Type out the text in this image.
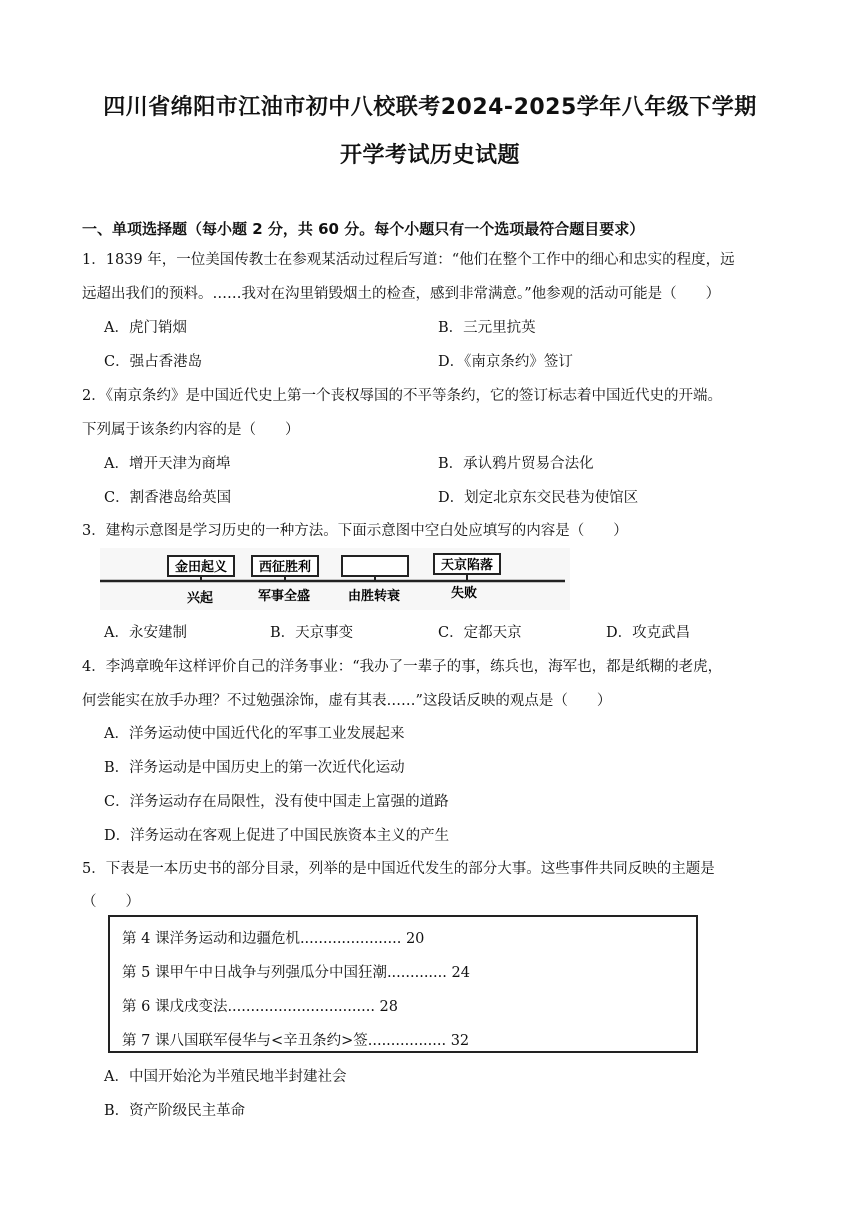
四川省绵阳市江油市初中八校联考2024-2025学年八年级下学期
开学考试历史试题
一、单项选择题（每小题 2 分，共 60 分。每个小题只有一个选项最符合题目要求）
1．1839 年，一位美国传教士在参观某活动过程后写道：“他们在整个工作中的细心和忠实的程度，远
远超出我们的预料。……我对在沟里销毁烟土的检查，感到非常满意。”他参观的活动可能是（　　）
A．虎门销烟	B．三元里抗英
C．强占香港岛	D．《南京条约》签订
2．《南京条约》是中国近代史上第一个丧权辱国的不平等条约，它的签订标志着中国近代史的开端。
下列属于该条约内容的是（　　）
A．增开天津为商埠	B．承认鸦片贸易合法化
C．割香港岛给英国	D．划定北京东交民巷为使馆区
3．建构示意图是学习历史的一种方法。下面示意图中空白处应填写的内容是（　　）
金田起义 西征胜利	天京陷落
兴起	军事全盛	由胜转衰	失败
A．永安建制	B．天京事变	C．定都天京	D．攻克武昌
4．李鸿章晚年这样评价自己的洋务事业：“我办了一辈子的事，练兵也，海军也，都是纸糊的老虎，
何尝能实在放手办理？不过勉强涂饰，虚有其表……”这段话反映的观点是（　　）
A．洋务运动使中国近代化的军事工业发展起来
B．洋务运动是中国历史上的第一次近代化运动
C．洋务运动存在局限性，没有使中国走上富强的道路
D．洋务运动在客观上促进了中国民族资本主义的产生
5．下表是一本历史书的部分目录，列举的是中国近代发生的部分大事。这些事件共同反映的主题是
（　　）
第 4 课洋务运动和边疆危机...................... 20
第 5 课甲午中日战争与列强瓜分中国狂潮............. 24
第 6 课戊戌变法................................ 28
第 7 课八国联军侵华与<辛丑条约>签................. 32
A．中国开始沦为半殖民地半封建社会
B．资产阶级民主革命
